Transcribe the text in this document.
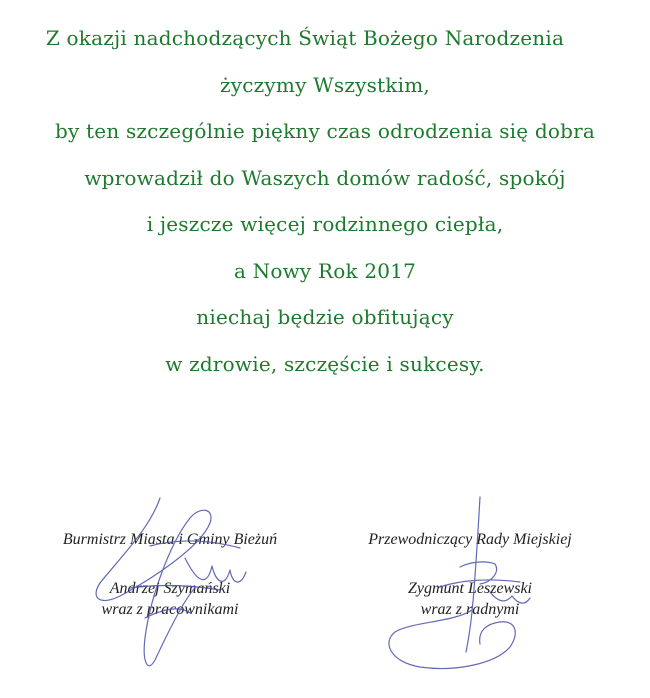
Z okazji nadchodzących Świąt Bożego Narodzenia
życzymy Wszystkim,
by ten szczególnie piękny czas odrodzenia się dobra
wprowadził do Waszych domów radość, spokój
i jeszcze więcej rodzinnego ciepła,
a Nowy Rok 2017
niechaj będzie obfitujący
w zdrowie, szczęście i sukcesy.

Burmistrz Miasta i Gminy Bieżuń

Andrzej Szymański

wraz z pracownikami

Przewodniczący Rady Miejskiej

Zygmunt Leszewski

wraz z radnymi
